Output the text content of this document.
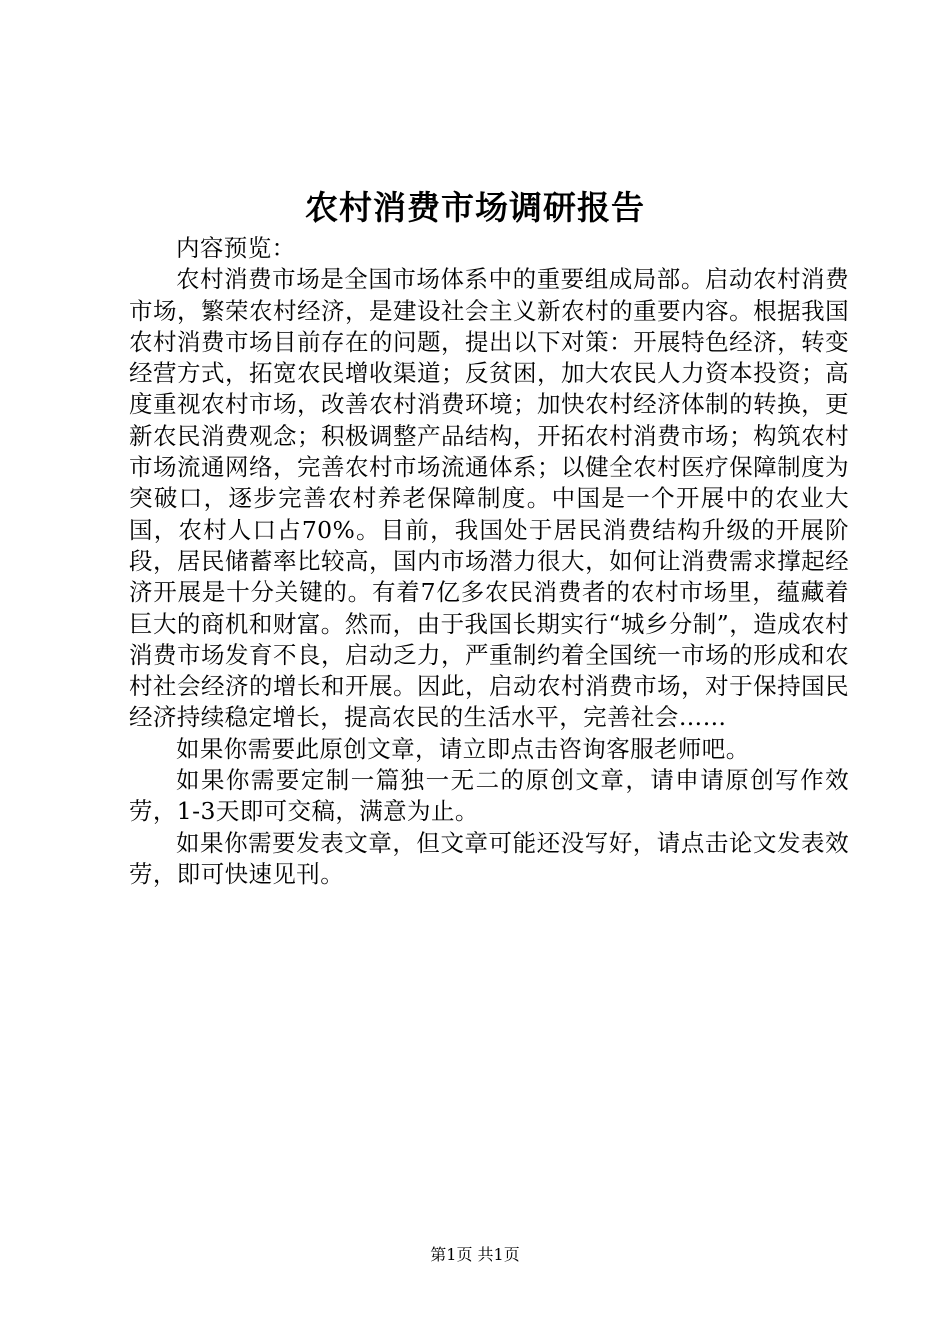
农村消费市场调研报告

内容预览：

农村消费市场是全国市场体系中的重要组成局部。启动农村消费市场，繁荣农村经济，是建设社会主义新农村的重要内容。根据我国农村消费市场目前存在的问题，提出以下对策：开展特色经济，转变经营方式，拓宽农民增收渠道；反贫困，加大农民人力资本投资；高度重视农村市场，改善农村消费环境；加快农村经济体制的转换，更新农民消费观念；积极调整产品结构，开拓农村消费市场；构筑农村市场流通网络，完善农村市场流通体系；以健全农村医疗保障制度为突破口，逐步完善农村养老保障制度。中国是一个开展中的农业大国，农村人口占70%。目前，我国处于居民消费结构升级的开展阶段，居民储蓄率比较高，国内市场潜力很大，如何让消费需求撑起经济开展是十分关键的。有着7亿多农民消费者的农村市场里，蕴藏着巨大的商机和财富。然而，由于我国长期实行“城乡分制”，造成农村消费市场发育不良，启动乏力，严重制约着全国统一市场的形成和农村社会经济的增长和开展。因此，启动农村消费市场，对于保持国民经济持续稳定增长，提高农民的生活水平，完善社会……

如果你需要此原创文章，请立即点击咨询客服老师吧。

如果你需要定制一篇独一无二的原创文章，请申请原创写作效劳，1-3天即可交稿，满意为止。

如果你需要发表文章，但文章可能还没写好，请点击论文发表效劳，即可快速见刊。

第1页 共1页
